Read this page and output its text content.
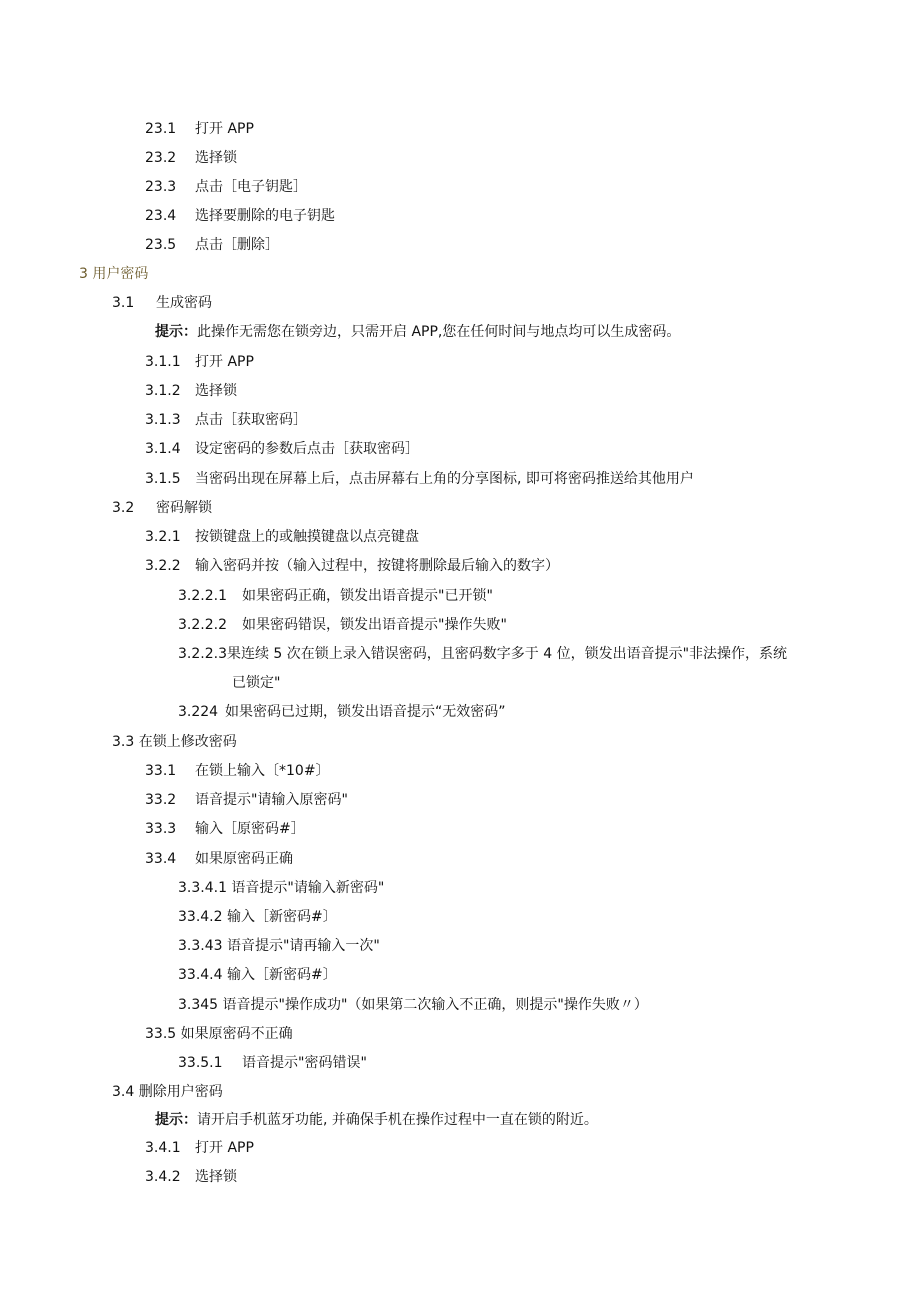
23.1 打开 APP
23.2 选择锁
23.3 点击［电子钥匙］
23.4 选择要删除的电子钥匙
23.5 点击［删除］
3 用户密码
3.1 生成密码
提示：此操作无需您在锁旁边，只需开启 APP,您在任何时间与地点均可以生成密码。
3.1.1 打开 APP
3.1.2 选择锁
3.1.3 点击［获取密码］
3.1.4 设定密码的参数后点击［获取密码］
3.1.5 当密码出现在屏幕上后，点击屏幕右上角的分享图标, 即可将密码推送给其他用户
3.2 密码解锁
3.2.1 按锁键盘上的或触摸键盘以点亮键盘
3.2.2 输入密码并按（输入过程中，按键将删除最后输入的数字）
3.2.2.1 如果密码正确，锁发出语音提示"已开锁"
3.2.2.2 如果密码错误，锁发出语音提示"操作失败"
3.2.2.3果连续 5 次在锁上录入错误密码，且密码数字多于 4 位，锁发出语音提示"非法操作，系统
已锁定"
3.224 如果密码已过期，锁发出语音提示“无效密码”
3.3 在锁上修改密码
33.1 在锁上输入〔*10#〕
33.2 语音提示"请输入原密码"
33.3 输入［原密码#］
33.4 如果原密码正确
3.3.4.1 语音提示"请输入新密码"
33.4.2 输入［新密码#〕
3.3.43 语音提示"请再输入一次"
33.4.4 输入［新密码#〕
3.345 语音提示"操作成功"（如果第二次输入不正确，则提示"操作失败〃）
33.5 如果原密码不正确
33.5.1 语音提示"密码错误"
3.4 删除用户密码
提示：请开启手机蓝牙功能, 并确保手机在操作过程中一直在锁的附近。
3.4.1 打开 APP
3.4.2 选择锁
